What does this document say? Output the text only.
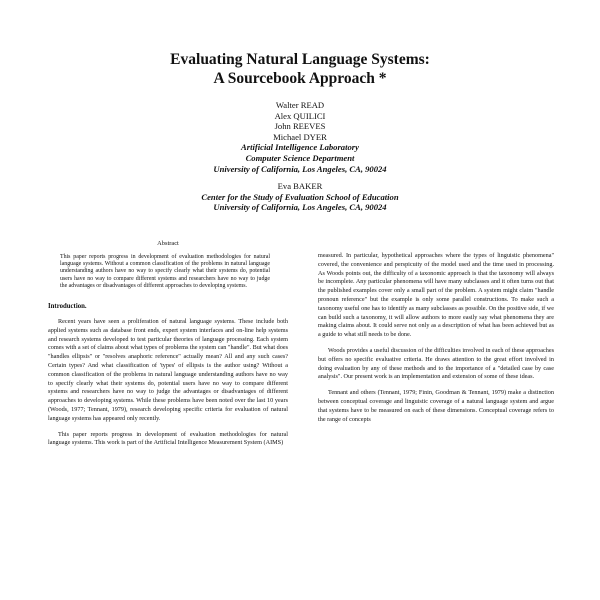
Evaluating Natural Language Systems:
A Sourcebook Approach *
Walter READ
Alex QUILICI
John REEVES
Michael DYER
Artificial Intelligence Laboratory
Computer Science Department
University of California, Los Angeles, CA, 90024
Eva BAKER
Center for the Study of Evaluation School of Education
University of California, Los Angeles, CA, 90024
Abstract

This paper reports progress in development of evaluation methodologies for natural language systems. Without a common classification of the problems in natural language understanding authors have no way to specify clearly what their systems do, potential users have no way to compare different systems and researchers have no way to judge the advantages or disadvantages of different approaches to developing systems.

Introduction.

Recent years have seen a proliferation of natural language systems. These include both applied systems such as database front ends, expert system interfaces and on-line help systems and research systems developed to test particular theories of language processing. Each system comes with a set of claims about what types of problems the system can "handle". But what does "handles ellipsis" or "resolves anaphoric reference" actually mean? All and any such cases? Certain types? And what classification of 'types' of ellipsis is the author using? Without a common classification of the problems in natural language understanding authors have no way to specify clearly what their systems do, potential users have no way to compare different systems and researchers have no way to judge the advantages or disadvantages of different approaches to developing systems. While these problems have been noted over the last 10 years (Woods, 1977; Tennant, 1979), research developing specific criteria for evaluation of natural language systems has appeared only recently.

This paper reports progress in development of evaluation methodologies for natural language systems. This work is part of the Artificial Intelligence Measurement System (AIMS)

measured. In particular, hypothetical approaches where the types of linguistic phenomena" covered, the convenience and perspicuity of the model used and the time used in processing. As Woods points out, the difficulty of a taxonomic approach is that the taxonomy will always be incomplete. Any particular phenomena will have many subclasses and it often turns out that the published examples cover only a small part of the problem. A system might claim "handle pronoun reference" but the example is only some parallel constructions. To make such a taxonomy useful one has to identify as many subclasses as possible. On the positive side, if we can build such a taxonomy, it will allow authors to more easily say what phenomena they are making claims about. It could serve not only as a description of what has been achieved but as a guide to what still needs to be done.

Woods provides a useful discussion of the difficulties involved in each of these approaches but offers no specific evaluative criteria. He draws attention to the great effort involved in doing evaluation by any of these methods and to the importance of a "detailed case by case analysis". Our present work is an implementation and extension of some of these ideas.

Tennant and others (Tennant, 1979; Finin, Goodman & Tennant, 1979) make a distinction between conceptual coverage and linguistic coverage of a natural language system and argue that systems have to be measured on each of these dimensions. Conceptual coverage refers to the range of concepts
